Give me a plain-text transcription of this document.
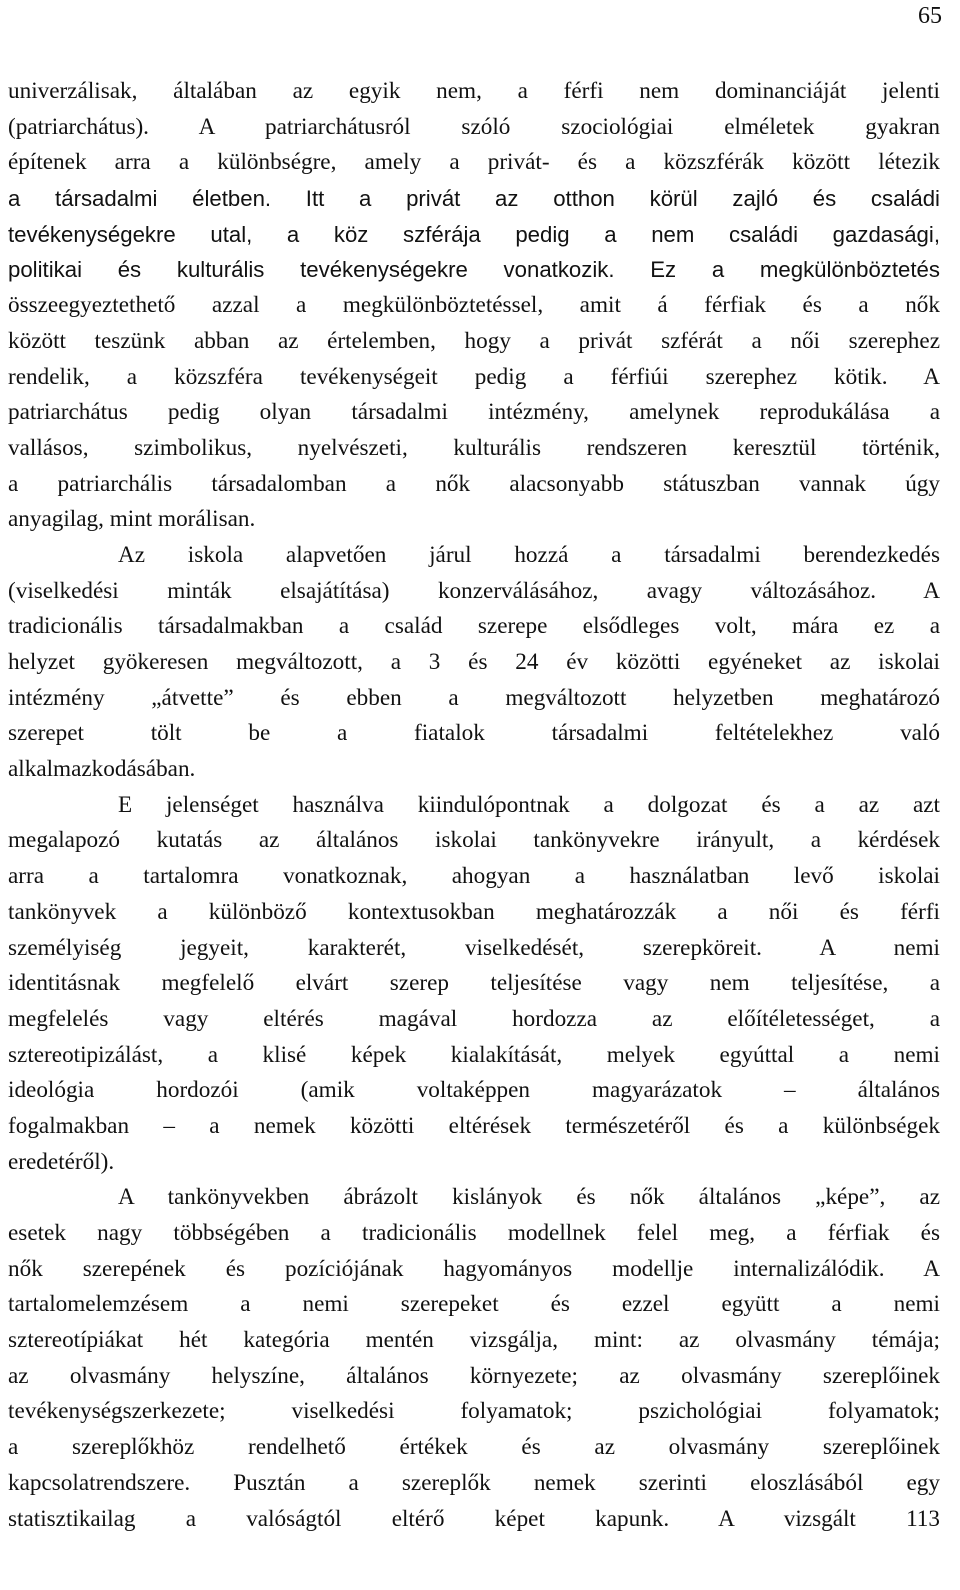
65
univerzálisak, általában az egyik nem, a férfi nem dominanciáját jelenti
(patriarchátus). A patriarchátusról szóló szociológiai elméletek gyakran
építenek arra a különbségre, amely a privát- és a közszférák között létezik
a társadalmi életben. Itt a privát az otthon körül zajló és családi
tevékenységekre utal, a köz szférája pedig a nem családi gazdasági,
politikai és kulturális tevékenységekre vonatkozik. Ez a megkülönböztetés
összeegyeztethető azzal a megkülönböztetéssel, amit á férfiak és a nők
között teszünk abban az értelemben, hogy a privát szférát a női szerephez
rendelik, a közszféra tevékenységeit pedig a férfiúi szerephez kötik. A
patriarchátus pedig olyan társadalmi intézmény, amelynek reprodukálása a
vallásos, szimbolikus, nyelvészeti, kulturális rendszeren keresztül történik,
a patriarchális társadalomban a nők alacsonyabb státuszban vannak úgy
anyagilag, mint morálisan.
Az iskola alapvetően járul hozzá a társadalmi berendezkedés
(viselkedési minták elsajátítása) konzerválásához, avagy változásához. A
tradicionális társadalmakban a család szerepe elsődleges volt, mára ez a
helyzet gyökeresen megváltozott, a 3 és 24 év közötti egyéneket az iskolai
intézmény „átvette” és ebben a megváltozott helyzetben meghatározó
szerepet tölt be a fiatalok társadalmi feltételekhez való
alkalmazkodásában.
E jelenséget használva kiindulópontnak a dolgozat és a az azt
megalapozó kutatás az általános iskolai tankönyvekre irányult, a kérdések
arra a tartalomra vonatkoznak, ahogyan a használatban levő iskolai
tankönyvek a különböző kontextusokban meghatározzák a női és férfi
személyiség jegyeit, karakterét, viselkedését, szerepköreit. A nemi
identitásnak megfelelő elvárt szerep teljesítése vagy nem teljesítése, a
megfelelés vagy eltérés magával hordozza az előítéletességet, a
sztereotipizálást, a klisé képek kialakítását, melyek egyúttal a nemi
ideológia hordozói (amik voltaképpen magyarázatok – általános
fogalmakban – a nemek közötti eltérések természetéről és a különbségek
eredetéről).
A tankönyvekben ábrázolt kislányok és nők általános „képe”, az
esetek nagy többségében a tradicionális modellnek felel meg, a férfiak és
nők szerepének és pozíciójának hagyományos modellje internalizálódik. A
tartalomelemzésem a nemi szerepeket és ezzel együtt a nemi
sztereotípiákat hét kategória mentén vizsgálja, mint: az olvasmány témája;
az olvasmány helyszíne, általános környezete; az olvasmány szereplőinek
tevékenységszerkezete; viselkedési folyamatok; pszichológiai folyamatok;
a szereplőkhöz rendelhető értékek és az olvasmány szereplőinek
kapcsolatrendszere. Pusztán a szereplők nemek szerinti eloszlásából egy
statisztikailag a valóságtól eltérő képet kapunk. A vizsgált 113
